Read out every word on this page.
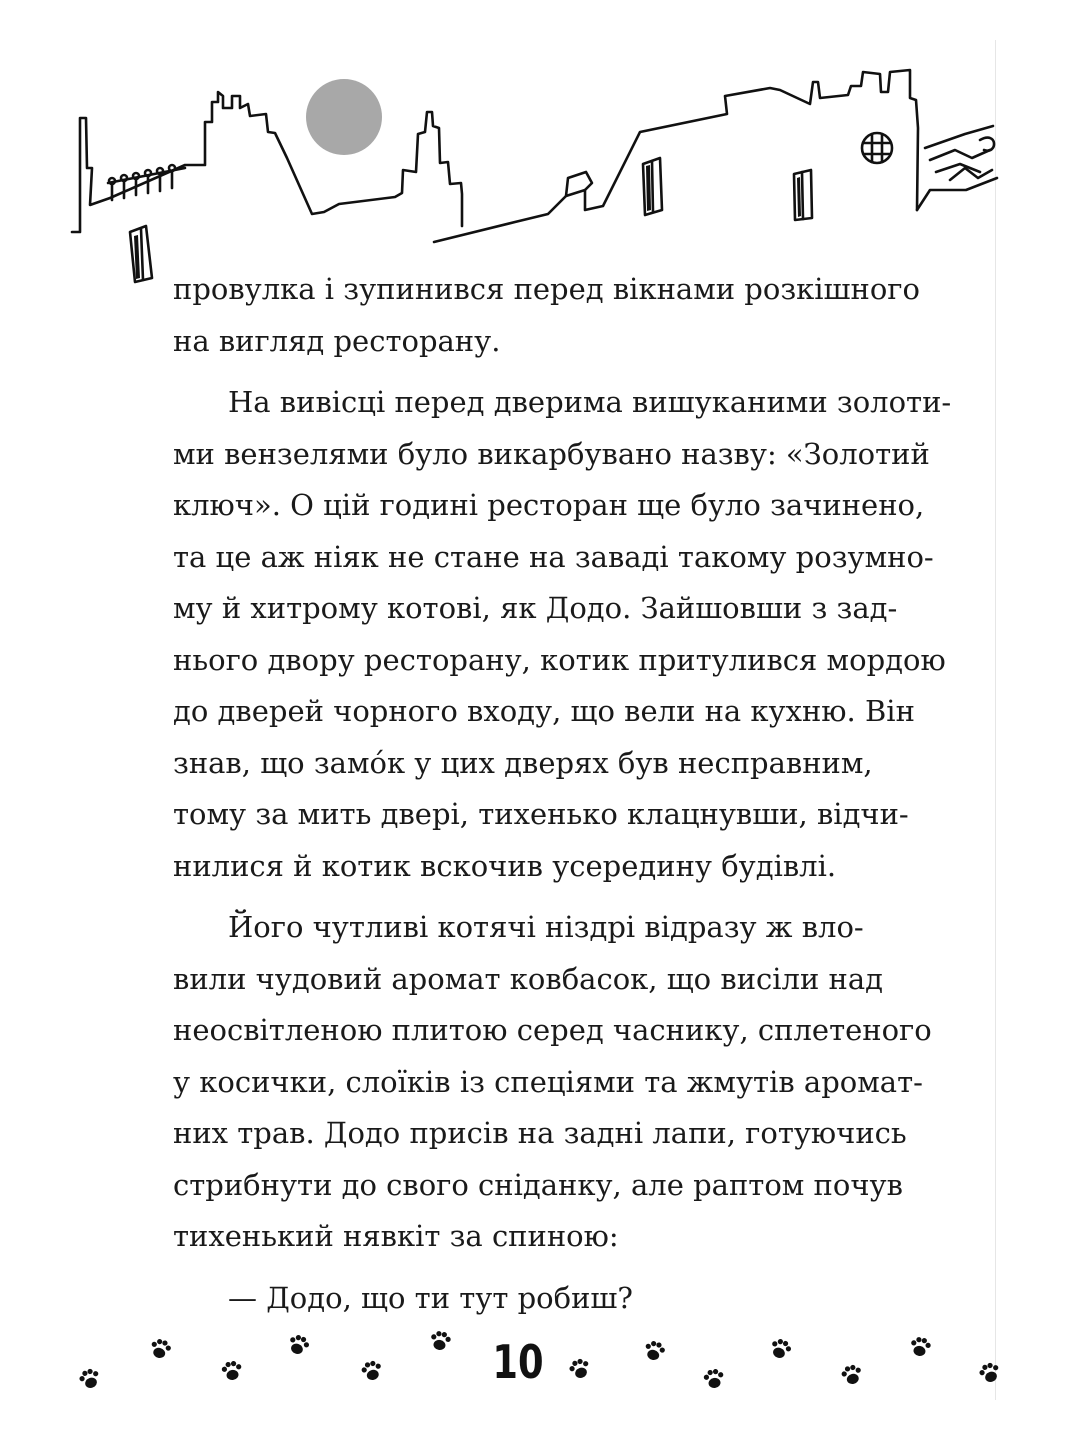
провулка і зупинився перед вікнами розкішного
на вигляд ресторану.
На вивісці перед дверима вишуканими золоти-
ми вензелями було викарбувано назву: «Золотий
ключ». О цій годині ресторан ще було зачинено,
та це аж ніяк не стане на заваді такому розумно-
му й хитрому котові, як Додо. Зайшовши з зад-
нього двору ресторану, котик притулився мордою
до дверей чорного входу, що вели на кухню. Він
знав, що замо́к у цих дверях був несправним,
тому за мить двері, тихенько клацнувши, відчи-
нилися й котик вскочив усередину будівлі.
Його чутливі котячі ніздрі відразу ж вло-
вили чудовий аромат ковбасок, що висіли над
неосвітленою плитою серед часнику, сплетеного
у косички, слоїків із спеціями та жмутів аромат-
них трав. Додо присів на задні лапи, готуючись
стрибнути до свого сніданку, але раптом почув
тихенький нявкіт за спиною:
— Додо, що ти тут робиш?
10
